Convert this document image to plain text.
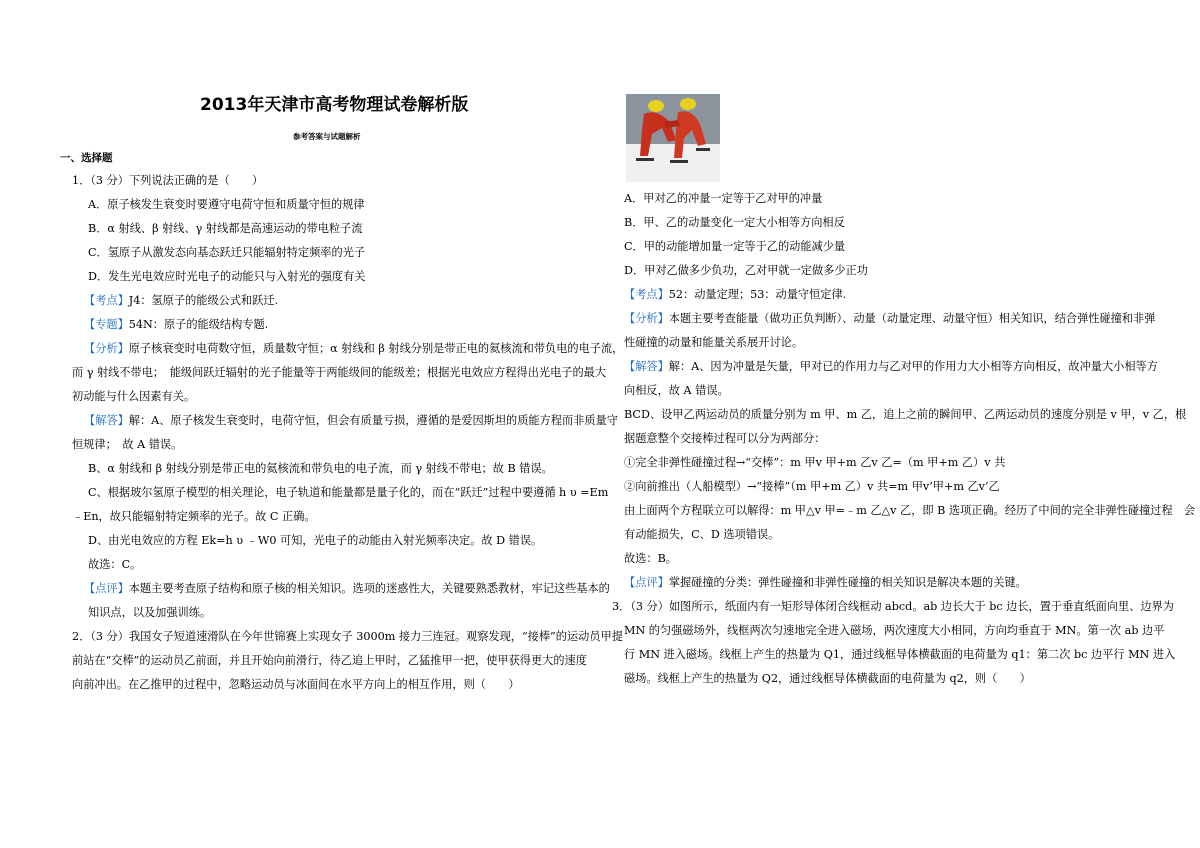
2013年天津市高考物理试卷解析版
参考答案与试题解析
一、选择题
1．（3 分）下列说法正确的是（　　）
A．原子核发生衰变时要遵守电荷守恒和质量守恒的规律
B．α 射线、β 射线、γ 射线都是高速运动的带电粒子流
C．氢原子从激发态向基态跃迁只能辐射特定频率的光子
D．发生光电效应时光电子的动能只与入射光的强度有关
【考点】J4：氢原子的能级公式和跃迁.
【专题】54N：原子的能级结构专题.
【分析】原子核衰变时电荷数守恒，质量数守恒；α 射线和 β 射线分别是带正电的氦核流和带负电的电子流，
而 γ 射线不带电；　能级间跃迁辐射的光子能量等于两能级间的能级差；根据光电效应方程得出光电子的最大
初动能与什么因素有关。
【解答】解：A、原子核发生衰变时，电荷守恒，但会有质量亏损，遵循的是爱因斯坦的质能方程而非质量守
恒规律；　故 A 错误。
B、α 射线和 β 射线分别是带正电的氦核流和带负电的电子流，而 γ 射线不带电；故 B 错误。
C、根据玻尔氢原子模型的相关理论，电子轨道和能量都是量子化的，而在“跃迁”过程中要遵循 h υ =Em
﹣En，故只能辐射特定频率的光子。故 C 正确。
D、由光电效应的方程 Ek=h υ ﹣W0 可知，光电子的动能由入射光频率决定。故 D 错误。
故选：C。
【点评】本题主要考查原子结构和原子核的相关知识。选项的迷惑性大，关键要熟悉教材，牢记这些基本的
知识点，以及加强训练。
2．（3 分）我国女子短道速滑队在今年世锦赛上实现女子 3000m 接力三连冠。观察发现，“接棒”的运动员甲提
前站在“交棒”的运动员乙前面，并且开始向前滑行，待乙追上甲时，乙猛推甲一把，使甲获得更大的速度
向前冲出。在乙推甲的过程中，忽略运动员与冰面间在水平方向上的相互作用，则（　　）
A．甲对乙的冲量一定等于乙对甲的冲量
B．甲、乙的动量变化一定大小相等方向相反
C．甲的动能增加量一定等于乙的动能减少量
D．甲对乙做多少负功，乙对甲就一定做多少正功
【考点】52：动量定理；53：动量守恒定律.
【分析】本题主要考查能量（做功正负判断）、动量（动量定理、动量守恒）相关知识，结合弹性碰撞和非弹
性碰撞的动量和能量关系展开讨论。
【解答】解：A、因为冲量是矢量，甲对已的作用力与乙对甲的作用力大小相等方向相反，故冲量大小相等方
向相反，故 A 错误。
BCD、设甲乙两运动员的质量分别为 m 甲、m 乙，追上之前的瞬间甲、乙两运动员的速度分别是 v 甲，v 乙，根
据题意整个交接棒过程可以分为两部分：
①完全非弹性碰撞过程→“交棒”：m 甲v 甲+m 乙v 乙=（m 甲+m 乙）v 共
②向前推出（人船模型）→“接棒”（m 甲+m 乙）v 共=m 甲v’甲+m 乙v’乙
由上面两个方程联立可以解得：m 甲△v 甲=﹣m 乙△v 乙，即 B 选项正确。经历了中间的完全非弹性碰撞过程　会
有动能损失，C、D 选项错误。
故选：B。
【点评】掌握碰撞的分类：弹性碰撞和非弹性碰撞的相关知识是解决本题的关键。
3．（3 分）如图所示，纸面内有一矩形导体闭合线框动 abcd。ab 边长大于 bc 边长，置于垂直纸面向里、边界为
MN 的匀强磁场外，线框两次匀速地完全进入磁场，两次速度大小相同，方向均垂直于 MN。第一次 ab 边平
行 MN 进入磁场。线框上产生的热量为 Q1，通过线框导体横截面的电荷量为 q1：第二次 bc 边平行 MN 进入
磁场。线框上产生的热量为 Q2，通过线框导体横截面的电荷量为 q2，则（　　）
